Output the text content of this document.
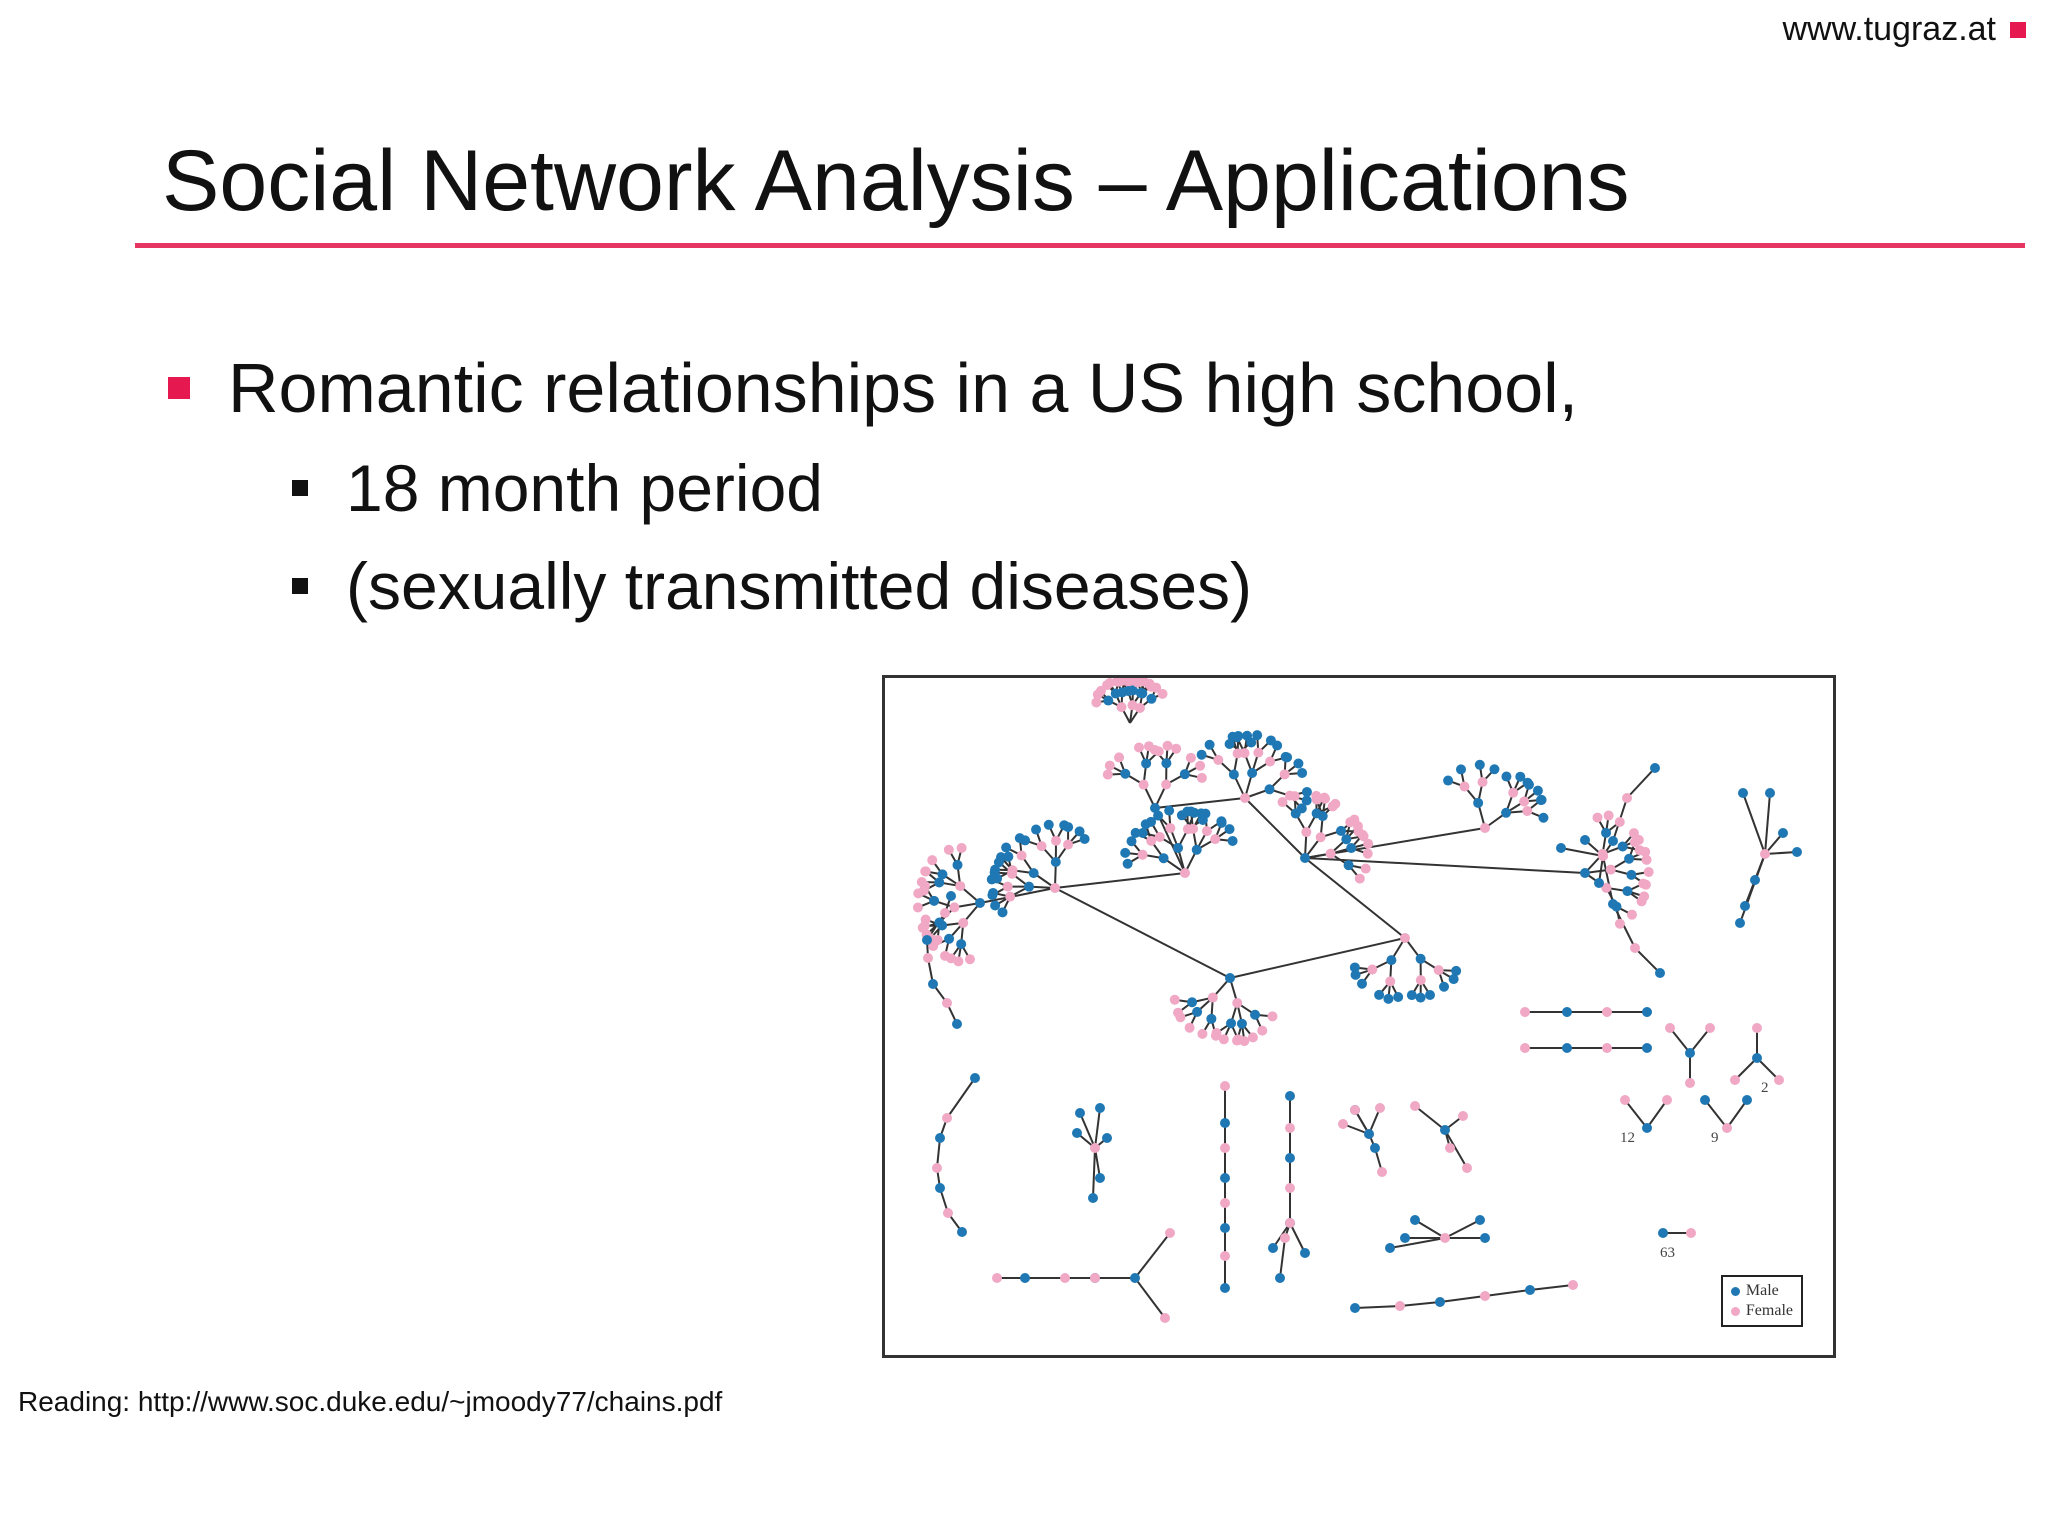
www.tugraz.at
Social Network Analysis – Applications
Romantic relationships in a US high school,
18 month period
(sexually transmitted diseases)
2
12	9
63
Male
Female
Reading: http://www.soc.duke.edu/~jmoody77/chains.pdf
